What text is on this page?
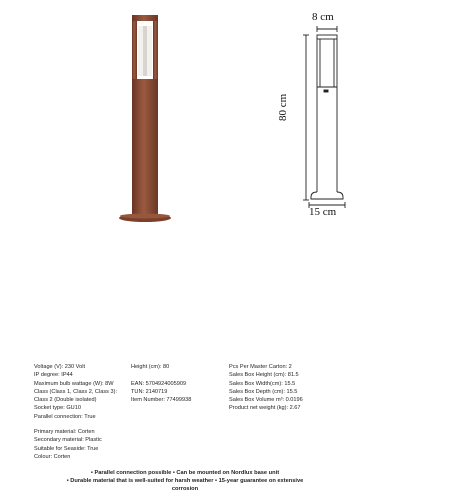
8 cm
80 cm
15 cm
Voltage (V): 230 Volt
IP degree: IP44
Maximum bulb wattage (W): 8W
Class (Class 1, Class 2, Class 3):
Class 2 (Double isolated)
Socket type: GU10
Parallel connection: True
Height (cm): 80
EAN: 5704924005909
TUN: 2140719
Item Number: 77499938
Pcs Per Master Carton: 2
Sales Box Height (cm): 81.5
Sales Box Width(cm): 15.5
Sales Box Depth (cm): 15.5
Sales Box Volume m³: 0.0196
Product net weight (kg): 2.67
Primary material: Corten
Secondary material: Plastic
Suitable for Seaside: True
Colour: Corten
• Parallel connection possible • Can be mounted on Nordlux base unit
• Durable material that is well-suited for harsh weather • 15-year guarantee on extensive
corrosion
